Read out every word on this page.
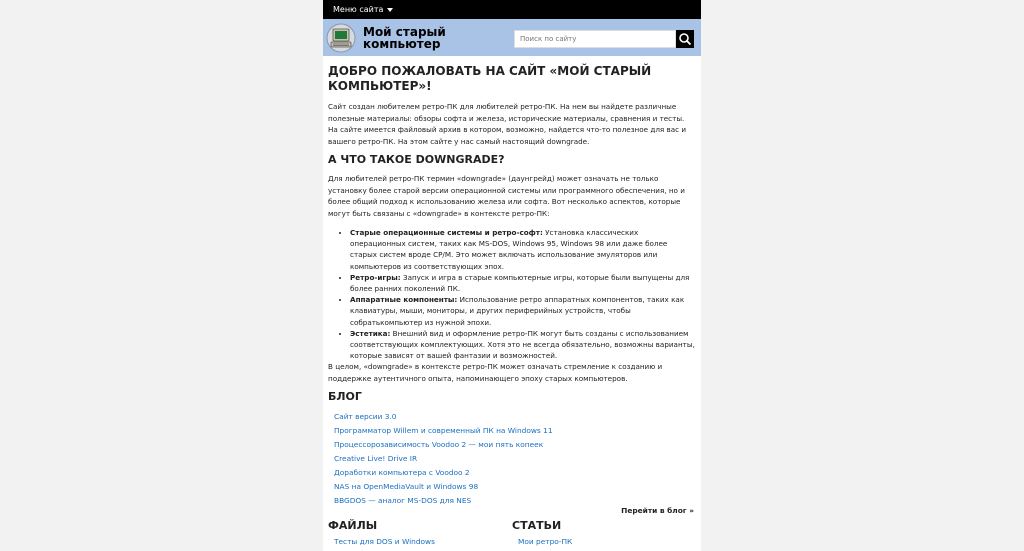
Меню сайта
Мой старый
компьютер
Поиск по сайту
ДОБРО ПОЖАЛОВАТЬ НА САЙТ «МОЙ СТАРЫЙ КОМПЬЮТЕР»!

Сайт создан любителем ретро-ПК для любителей ретро-ПК. На нем вы найдете различные полезные материалы: обзоры софта и железа, исторические материалы, сравнения и тесты. На сайте имеется файловый архив в котором, возможно, найдется что-то полезное для вас и вашего ретро-ПК. На этом сайте у нас самый настоящий downgrade.

А ЧТО ТАКОЕ DOWNGRADE?

Для любителей ретро-ПК термин «downgrade» (даунгрейд) может означать не только установку более старой версии операционной системы или программного обеспечения, но и более общий подход к использованию железа или софта. Вот несколько аспектов, которые могут быть связаны с «downgrade» в контексте ретро-ПК:

• Старые операционные системы и ретро-софт: Установка классических операционных систем, таких как MS-DOS, Windows 95, Windows 98 или даже более старых систем вроде CP/M. Это может включать использование эмуляторов или компьютеров из соответствующих эпох.
• Ретро-игры: Запуск и игра в старые компьютерные игры, которые были выпущены для более ранних поколений ПК.
• Аппаратные компоненты: Использование ретро аппаратных компонентов, таких как клавиатуры, мыши, мониторы, и других периферийных устройств, чтобы собратькомпьютер из нужной эпохи.
• Эстетика: Внешний вид и оформление ретро-ПК могут быть созданы с использованием соответствующих комплектующих. Хотя это не всегда обязательно, возможны варианты, которые зависят от вашей фантазии и возможностей.

В целом, «downgrade» в контексте ретро-ПК может означать стремление к созданию и поддержке аутентичного опыта, напоминающего эпоху старых компьютеров.

БЛОГ
Сайт версии 3.0
Программатор Willem и современный ПК на Windows 11
Процессорозависимость Voodoo 2 — мои пять копеек
Creative Live! Drive IR
Доработки компьютера с Voodoo 2
NAS на OpenMediaVault и Windows 98
BBGDOS — аналог MS-DOS для NES
Перейти в блог »
ФАЙЛЫ
Тесты для DOS и Windows
СТАТЬИ
Мои ретро-ПК
